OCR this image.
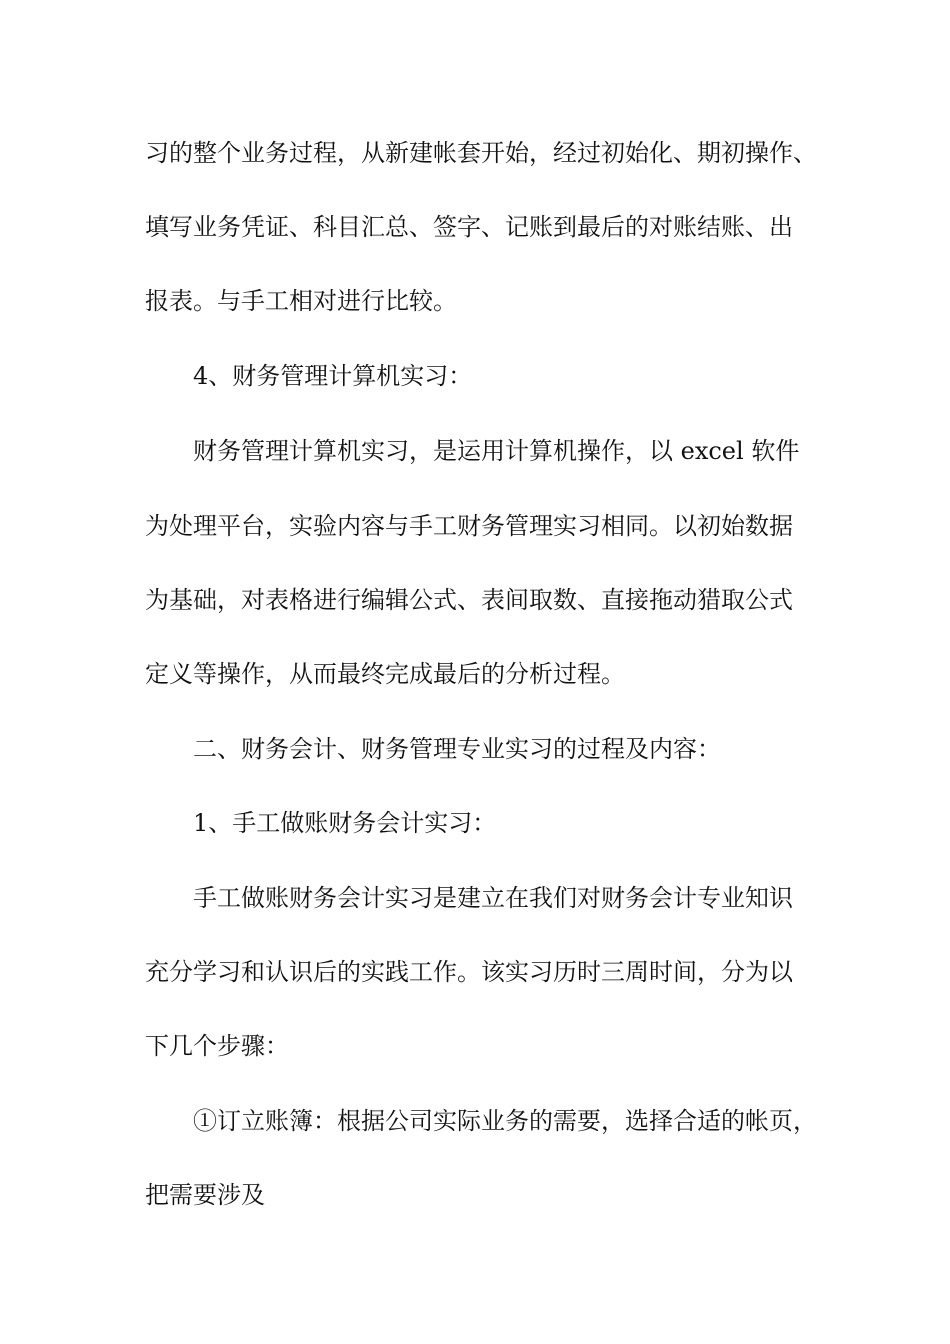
习的整个业务过程，从新建帐套开始，经过初始化、期初操作、

填写业务凭证、科目汇总、签字、记账到最后的对账结账、出

报表。与手工相对进行比较。

4、财务管理计算机实习：

财务管理计算机实习，是运用计算机操作，以 excel 软件

为处理平台，实验内容与手工财务管理实习相同。以初始数据

为基础，对表格进行编辑公式、表间取数、直接拖动猎取公式

定义等操作，从而最终完成最后的分析过程。

二、财务会计、财务管理专业实习的过程及内容：

1、手工做账财务会计实习：

手工做账财务会计实习是建立在我们对财务会计专业知识

充分学习和认识后的实践工作。该实习历时三周时间，分为以

下几个步骤：

①订立账簿：根据公司实际业务的需要，选择合适的帐页，

把需要涉及
